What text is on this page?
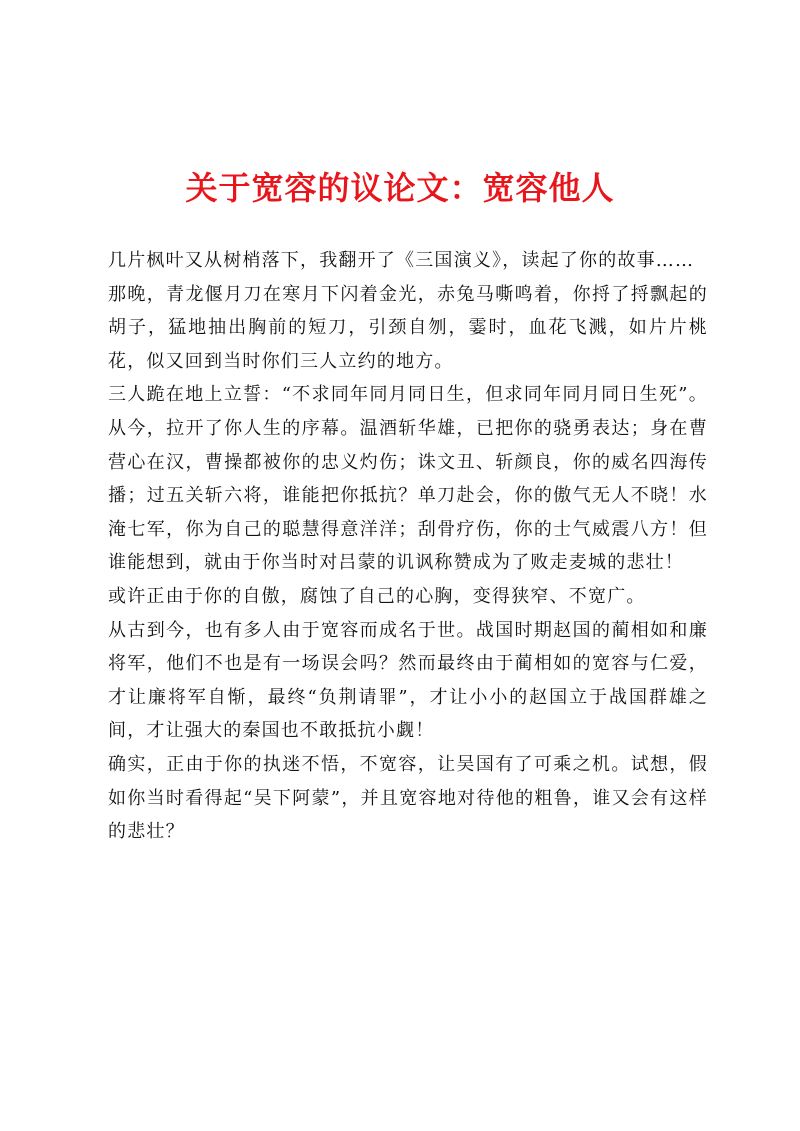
关于宽容的议论文：宽容他人

几片枫叶又从树梢落下，我翻开了《三国演义》，读起了你的故事……

那晚，青龙偃月刀在寒月下闪着金光，赤兔马嘶鸣着，你捋了捋飘起的胡子，猛地抽出胸前的短刀，引颈自刎，霎时，血花飞溅，如片片桃花，似又回到当时你们三人立约的地方。

三人跪在地上立誓：“不求同年同月同日生，但求同年同月同日生死”。从今，拉开了你人生的序幕。温酒斩华雄，已把你的骁勇表达；身在曹营心在汉，曹操都被你的忠义灼伤；诛文丑、斩颜良，你的威名四海传播；过五关斩六将，谁能把你抵抗？单刀赴会，你的傲气无人不晓！水淹七军，你为自己的聪慧得意洋洋；刮骨疗伤，你的士气威震八方！但谁能想到，就由于你当时对吕蒙的讥讽称赞成为了败走麦城的悲壮！

或许正由于你的自傲，腐蚀了自己的心胸，变得狭窄、不宽广。

从古到今，也有多人由于宽容而成名于世。战国时期赵国的蔺相如和廉将军，他们不也是有一场误会吗？然而最终由于蔺相如的宽容与仁爱，才让廉将军自惭，最终“负荆请罪”，才让小小的赵国立于战国群雄之间，才让强大的秦国也不敢抵抗小觑！

确实，正由于你的执迷不悟，不宽容，让吴国有了可乘之机。试想，假如你当时看得起“吴下阿蒙”，并且宽容地对待他的粗鲁，谁又会有这样的悲壮？
